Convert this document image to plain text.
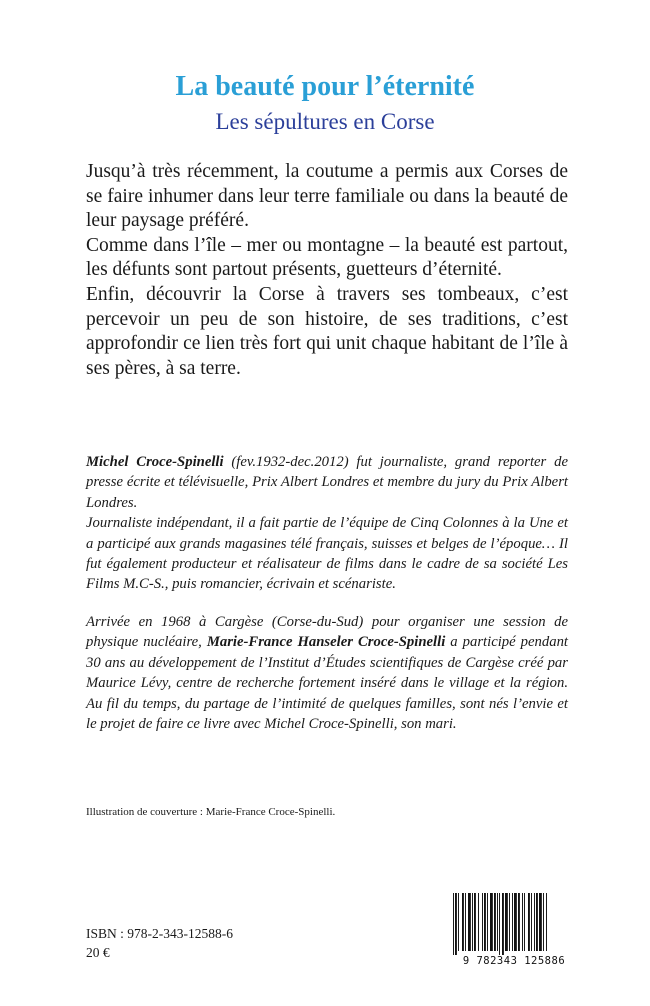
La beauté pour l’éternité
Les sépultures en Corse

Jusqu’à très récemment, la coutume a permis aux Corses de se faire inhumer dans leur terre familiale ou dans la beauté de leur paysage préféré.

Comme dans l’île – mer ou montagne – la beauté est partout, les défunts sont partout présents, guetteurs d’éternité.

Enfin, découvrir la Corse à travers ses tombeaux, c’est percevoir un peu de son histoire, de ses traditions, c’est approfondir ce lien très fort qui unit chaque habitant de l’île à ses pères, à sa terre.

Michel Croce-Spinelli (fev.1932-dec.2012) fut journaliste, grand reporter de presse écrite et télévisuelle, Prix Albert Londres et membre du jury du Prix Albert Londres.

Journaliste indépendant, il a fait partie de l’équipe de Cinq Colonnes à la Une et a participé aux grands magasines télé français, suisses et belges de l’époque… Il fut également producteur et réalisateur de films dans le cadre de sa société Les Films M.C-S., puis romancier, écrivain et scénariste.

Arrivée en 1968 à Cargèse (Corse-du-Sud) pour organiser une session de physique nucléaire, Marie-France Hanseler Croce-Spinelli a participé pendant 30 ans au développement de l’Institut d’Études scientifiques de Cargèse créé par Maurice Lévy, centre de recherche fortement inséré dans le village et la région. Au fil du temps, du partage de l’intimité de quelques familles, sont nés l’envie et le projet de faire ce livre avec Michel Croce-Spinelli, son mari.

Illustration de couverture : Marie-France Croce-Spinelli.
ISBN : 978-2-343-12588-6
20 €
9 782343 125886
